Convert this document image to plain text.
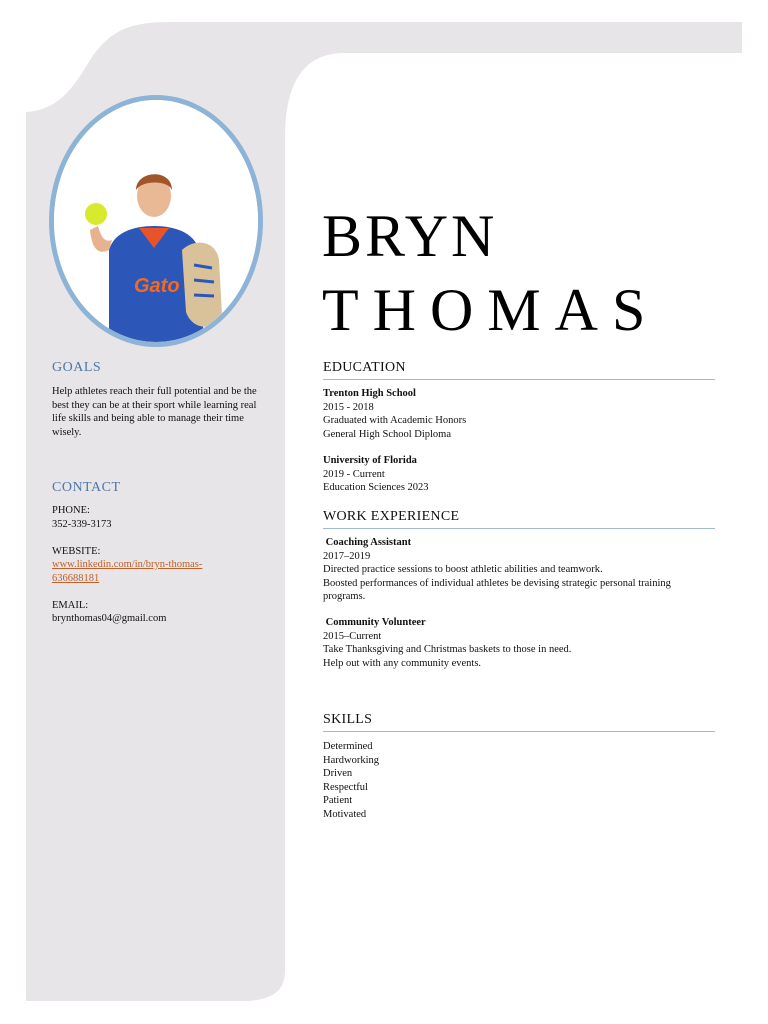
Gato
GOALS

Help athletes reach their full potential and be the best they can be at their sport while learning real life skills and being able to manage their time wisely.

CONTACT
PHONE:
352-339-3173
WEBSITE:
www.linkedin.com/in/bryn-thomas-
636688181
EMAIL:
brynthomas04@gmail.com
BRYN
THOMAS
EDUCATION
Trenton High School
2015 - 2018
Graduated with Academic Honors
General High School Diploma
University of Florida
2019 - Current
Education Sciences 2023
WORK EXPERIENCE
Coaching Assistant
2017–2019
Directed practice sessions to boost athletic abilities and teamwork.
Boosted performances of individual athletes be devising strategic personal training programs.
Community Volunteer
2015–Current
Take Thanksgiving and Christmas baskets to those in need.
Help out with any community events.
SKILLS
Determined
Hardworking
Driven
Respectful
Patient
Motivated
